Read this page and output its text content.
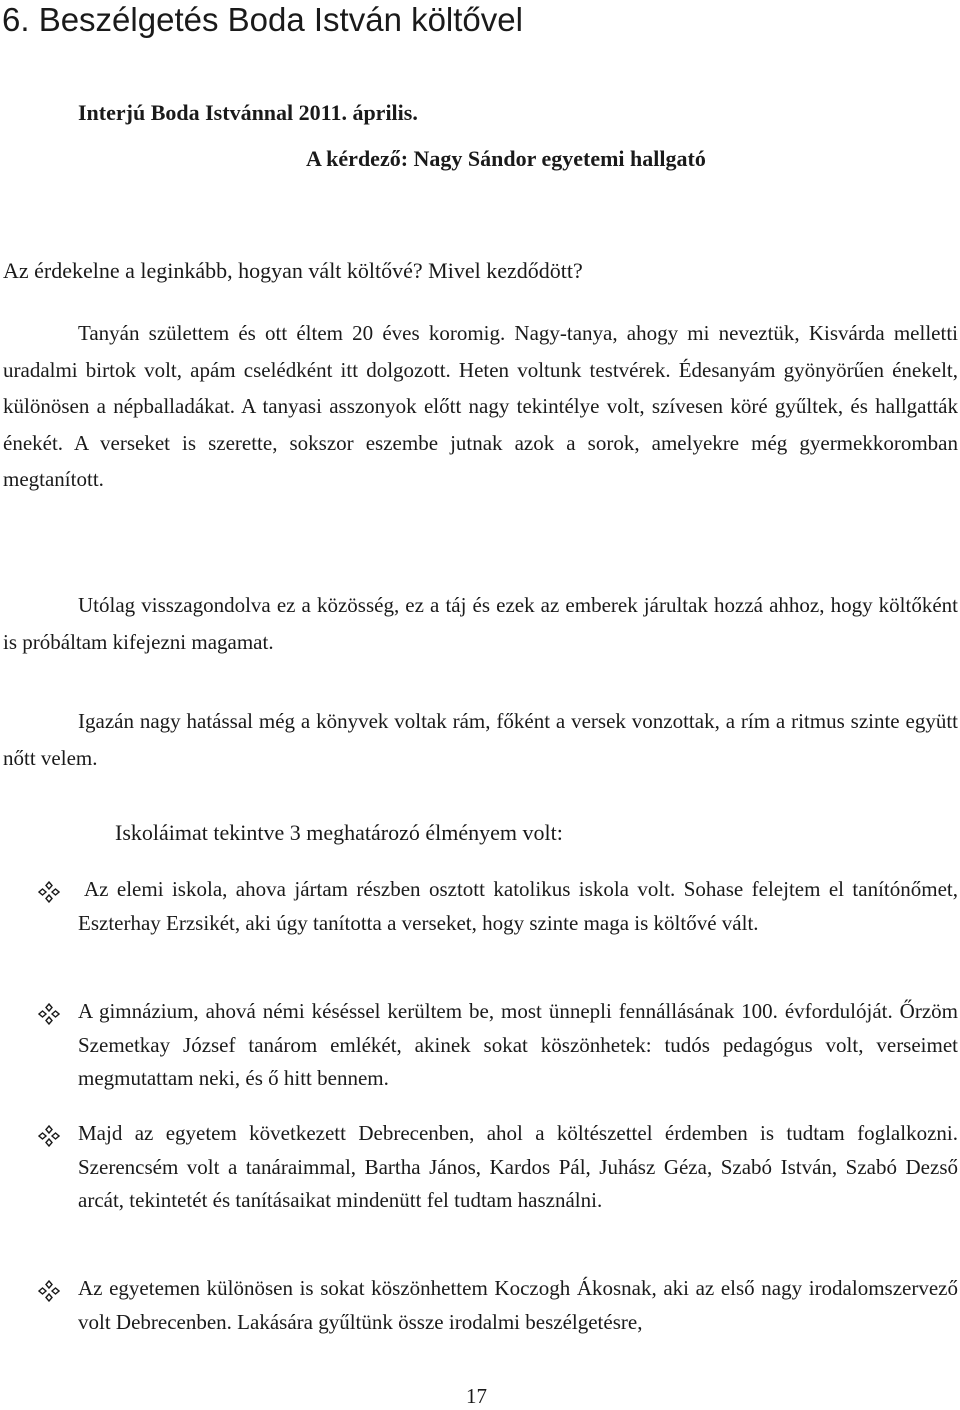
6. Beszélgetés Boda István költővel
Interjú Boda Istvánnal 2011. április.
A kérdező: Nagy Sándor egyetemi hallgató
Az érdekelne a leginkább, hogyan vált költővé? Mivel kezdődött?

Tanyán születtem és ott éltem 20 éves koromig. Nagy-tanya, ahogy mi neveztük, Kisvárda melletti uradalmi birtok volt, apám cselédként itt dolgozott. Heten voltunk testvérek. Édesanyám gyönyörűen énekelt, különösen a népballadákat. A tanyasi asszonyok előtt nagy tekintélye volt, szívesen köré gyűltek, és hallgatták énekét. A verseket is szerette, sokszor eszembe jutnak azok a sorok, amelyekre még gyermekkoromban megtanított.

Utólag visszagondolva ez a közösség, ez a táj és ezek az emberek járultak hozzá ahhoz, hogy költőként is próbáltam kifejezni magamat.

Igazán nagy hatással még a könyvek voltak rám, főként a versek vonzottak, a rím a ritmus szinte együtt nőtt velem.

Iskoláimat tekintve 3 meghatározó élményem volt:

Az elemi iskola, ahova jártam részben osztott katolikus iskola volt. Sohase felejtem el tanítónőmet, Eszterhay Erzsikét, aki úgy tanította a verseket, hogy szinte maga is költővé vált.

A gimnázium, ahová némi késéssel kerültem be, most ünnepli fennállásának 100. évfordulóját. Őrzöm Szemetkay József tanárom emlékét, akinek sokat köszönhetek: tudós pedagógus volt, verseimet megmutattam neki, és ő hitt bennem.

Majd az egyetem következett Debrecenben, ahol a költészettel érdemben is tudtam foglalkozni. Szerencsém volt a tanáraimmal, Bartha János, Kardos Pál, Juhász Géza, Szabó István, Szabó Dezső arcát, tekintetét és tanításaikat mindenütt fel tudtam használni.

Az egyetemen különösen is sokat köszönhettem Koczogh Ákosnak, aki az első nagy irodalomszervező volt Debrecenben. Lakására gyűltünk össze irodalmi beszélgetésre,

17
